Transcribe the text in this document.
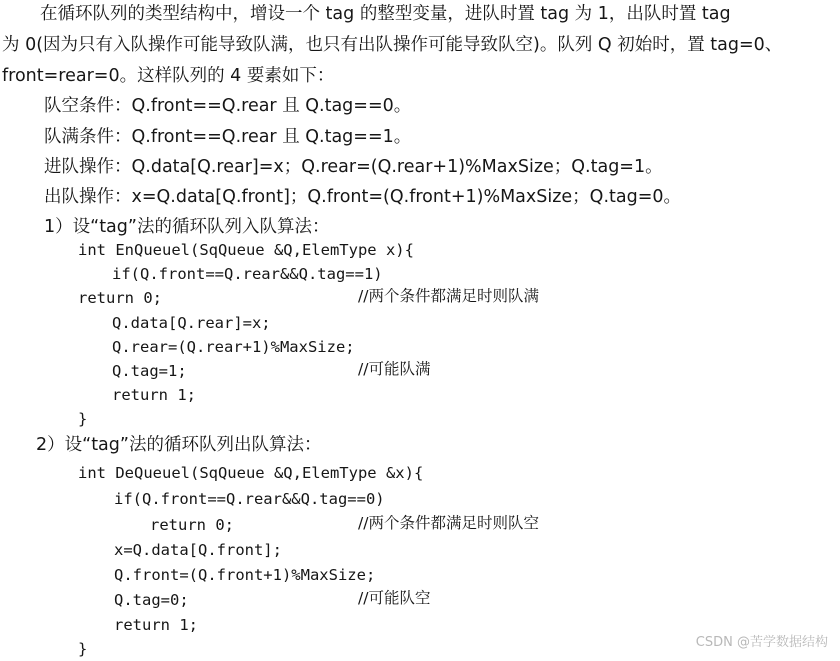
在循环队列的类型结构中，增设一个 tag 的整型变量，进队时置 tag 为 1，出队时置 tag
为 0(因为只有入队操作可能导致队满，也只有出队操作可能导致队空)。队列 Q 初始时，置 tag=0、
front=rear=0。这样队列的 4 要素如下：
队空条件：Q.front==Q.rear 且 Q.tag==0。
队满条件：Q.front==Q.rear 且 Q.tag==1。
进队操作：Q.data[Q.rear]=x；Q.rear=(Q.rear+1)%MaxSize；Q.tag=1。
出队操作：x=Q.data[Q.front]；Q.front=(Q.front+1)%MaxSize；Q.tag=0。
1）设“tag”法的循环队列入队算法：
int EnQueuel(SqQueue &Q,ElemType x){
if(Q.front==Q.rear&&Q.tag==1)
return 0;	//两个条件都满足时则队满
Q.data[Q.rear]=x;
Q.rear=(Q.rear+1)%MaxSize;
Q.tag=1;	//可能队满
return 1;
}
2）设“tag”法的循环队列出队算法：
int DeQueuel(SqQueue &Q,ElemType &x){
if(Q.front==Q.rear&&Q.tag==0)
return 0;	//两个条件都满足时则队空
x=Q.data[Q.front];
Q.front=(Q.front+1)%MaxSize;
Q.tag=0;	//可能队空
return 1;
}	CSDN @苦学数据结构
